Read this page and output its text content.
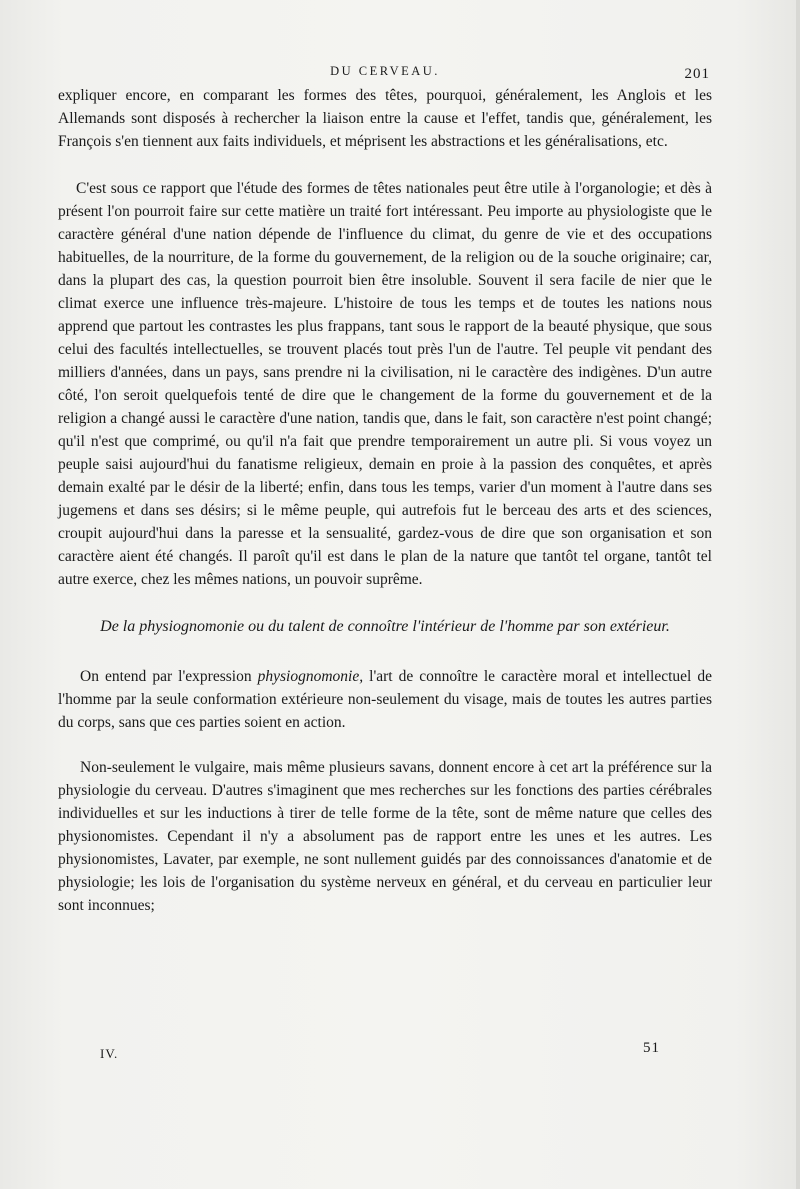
DU CERVEAU.	201

expliquer encore, en comparant les formes des têtes, pourquoi, généralement, les Anglois et les Allemands sont disposés à rechercher la liaison entre la cause et l'effet, tandis que, généralement, les François s'en tiennent aux faits individuels, et méprisent les abstractions et les généralisations, etc.

C'est sous ce rapport que l'étude des formes de têtes nationales peut être utile à l'organologie; et dès à présent l'on pourroit faire sur cette matière un traité fort intéressant. Peu importe au physiologiste que le caractère général d'une nation dépende de l'influence du climat, du genre de vie et des occupations habituelles, de la nourriture, de la forme du gouvernement, de la religion ou de la souche originaire; car, dans la plupart des cas, la question pourroit bien être insoluble. Souvent il sera facile de nier que le climat exerce une influence très-majeure. L'histoire de tous les temps et de toutes les nations nous apprend que partout les contrastes les plus frappans, tant sous le rapport de la beauté physique, que sous celui des facultés intellectuelles, se trouvent placés tout près l'un de l'autre. Tel peuple vit pendant des milliers d'années, dans un pays, sans prendre ni la civilisation, ni le caractère des indigènes. D'un autre côté, l'on seroit quelquefois tenté de dire que le changement de la forme du gouvernement et de la religion a changé aussi le caractère d'une nation, tandis que, dans le fait, son caractère n'est point changé; qu'il n'est que comprimé, ou qu'il n'a fait que prendre temporairement un autre pli. Si vous voyez un peuple saisi aujourd'hui du fanatisme religieux, demain en proie à la passion des conquêtes, et après demain exalté par le désir de la liberté; enfin, dans tous les temps, varier d'un moment à l'autre dans ses jugemens et dans ses désirs; si le même peuple, qui autrefois fut le berceau des arts et des sciences, croupit aujourd'hui dans la paresse et la sensualité, gardez-vous de dire que son organisation et son caractère aient été changés. Il paroît qu'il est dans le plan de la nature que tantôt tel organe, tantôt tel autre exerce, chez les mêmes nations, un pouvoir suprême.

De la physiognomonie ou du talent de connoître l'intérieur de l'homme par son extérieur.

On entend par l'expression physiognomonie, l'art de connoître le caractère moral et intellectuel de l'homme par la seule conformation extérieure non-seulement du visage, mais de toutes les autres parties du corps, sans que ces parties soient en action.

Non-seulement le vulgaire, mais même plusieurs savans, donnent encore à cet art la préférence sur la physiologie du cerveau. D'autres s'imaginent que mes recherches sur les fonctions des parties cérébrales individuelles et sur les inductions à tirer de telle forme de la tête, sont de même nature que celles des physionomistes. Cependant il n'y a absolument pas de rapport entre les unes et les autres. Les physionomistes, Lavater, par exemple, ne sont nullement guidés par des connoissances d'anatomie et de physiologie; les lois de l'organisation du système nerveux en général, et du cerveau en particulier leur sont inconnues;

IV.	51
